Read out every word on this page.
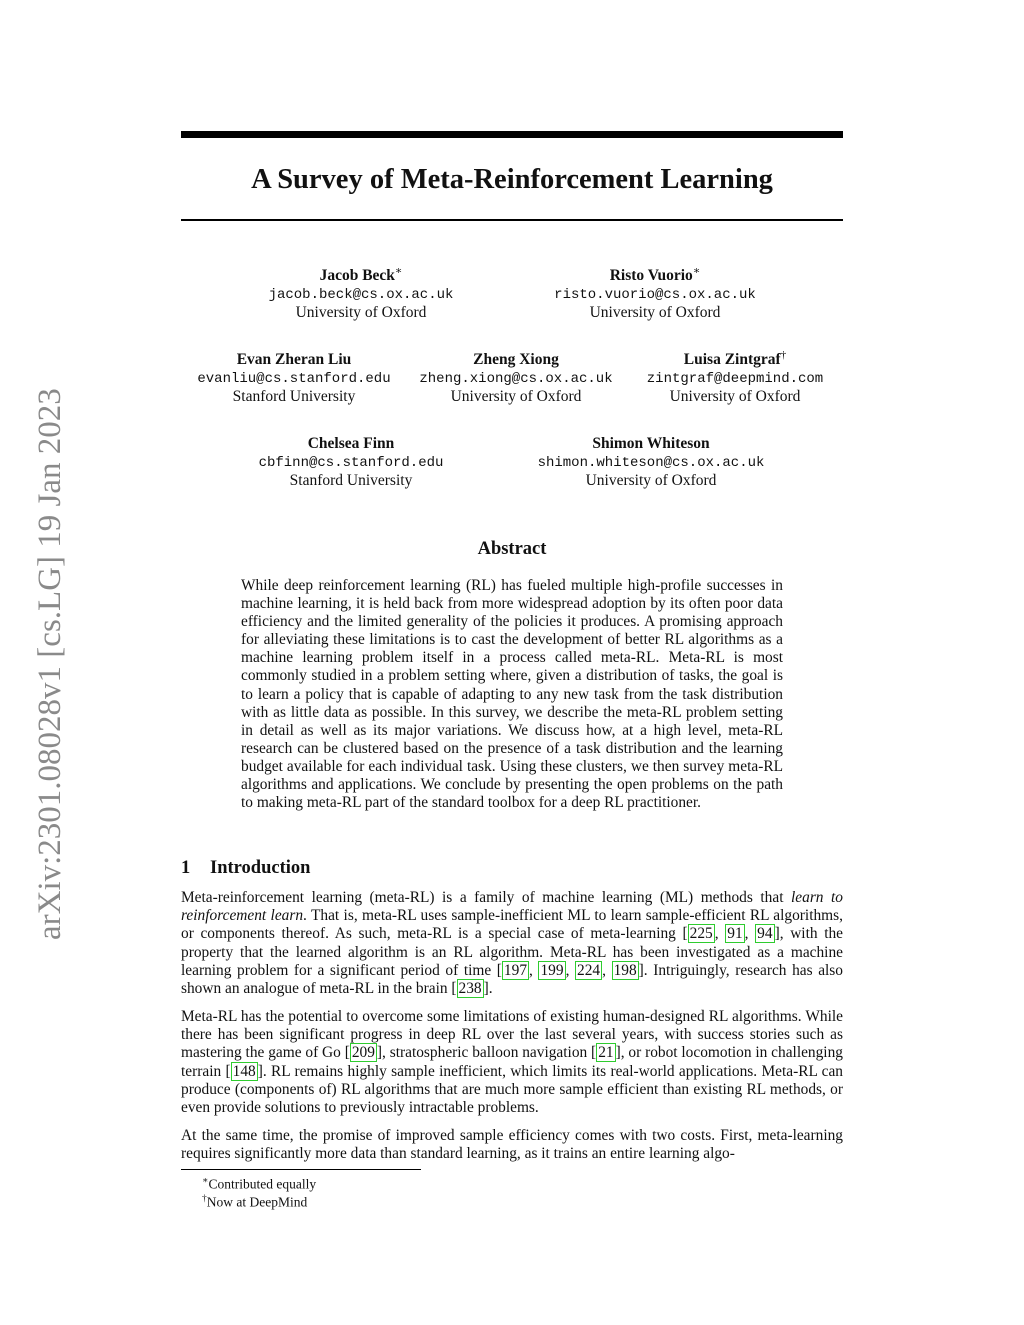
arXiv:2301.08028v1 [cs.LG] 19 Jan 2023
A Survey of Meta-Reinforcement Learning
Jacob Beck∗
jacob.beck@cs.ox.ac.uk
University of Oxford
Risto Vuorio∗
risto.vuorio@cs.ox.ac.uk
University of Oxford
Evan Zheran Liu
evanliu@cs.stanford.edu
Stanford University
Zheng Xiong
zheng.xiong@cs.ox.ac.uk
University of Oxford
Luisa Zintgraf†
zintgraf@deepmind.com
University of Oxford
Chelsea Finn
cbfinn@cs.stanford.edu
Stanford University
Shimon Whiteson
shimon.whiteson@cs.ox.ac.uk
University of Oxford
Abstract
While deep reinforcement learning (RL) has fueled multiple high-profile successes in machine learning, it is held back from more widespread adoption by its often poor data efficiency and the limited generality of the policies it produces. A promising approach for alleviating these limitations is to cast the development of better RL algorithms as a machine learning problem itself in a process called meta-RL. Meta-RL is most commonly studied in a problem setting where, given a distribution of tasks, the goal is to learn a policy that is capable of adapting to any new task from the task distribution with as little data as possible. In this survey, we describe the meta-RL problem setting in detail as well as its major variations. We discuss how, at a high level, meta-RL research can be clustered based on the presence of a task distribution and the learning budget available for each individual task. Using these clusters, we then survey meta-RL algorithms and applications. We conclude by presenting the open problems on the path to making meta-RL part of the standard toolbox for a deep RL practitioner.
1 Introduction

Meta-reinforcement learning (meta-RL) is a family of machine learning (ML) methods that learn to reinforcement learn. That is, meta-RL uses sample-inefficient ML to learn sample-efficient RL algorithms, or components thereof. As such, meta-RL is a special case of meta-learning [ 225 , 91 , 94 ], with the property that the learned algorithm is an RL algorithm. Meta-RL has been investigated as a machine learning problem for a significant period of time [ 197 , 199 , 224 , 198 ]. Intriguingly, research has also shown an analogue of meta-RL in the brain [ 238 ].

Meta-RL has the potential to overcome some limitations of existing human-designed RL algorithms. While there has been significant progress in deep RL over the last several years, with success stories such as mastering the game of Go [ 209 ], stratospheric balloon navigation [ 21 ], or robot locomotion in challenging terrain [ 148 ]. RL remains highly sample inefficient, which limits its real-world applications. Meta-RL can produce (components of) RL algorithms that are much more sample efficient than existing RL methods, or even provide solutions to previously intractable problems.

At the same time, the promise of improved sample efficiency comes with two costs. First, meta-learning requires significantly more data than standard learning, as it trains an entire learning algo-

∗Contributed equally
†Now at DeepMind
